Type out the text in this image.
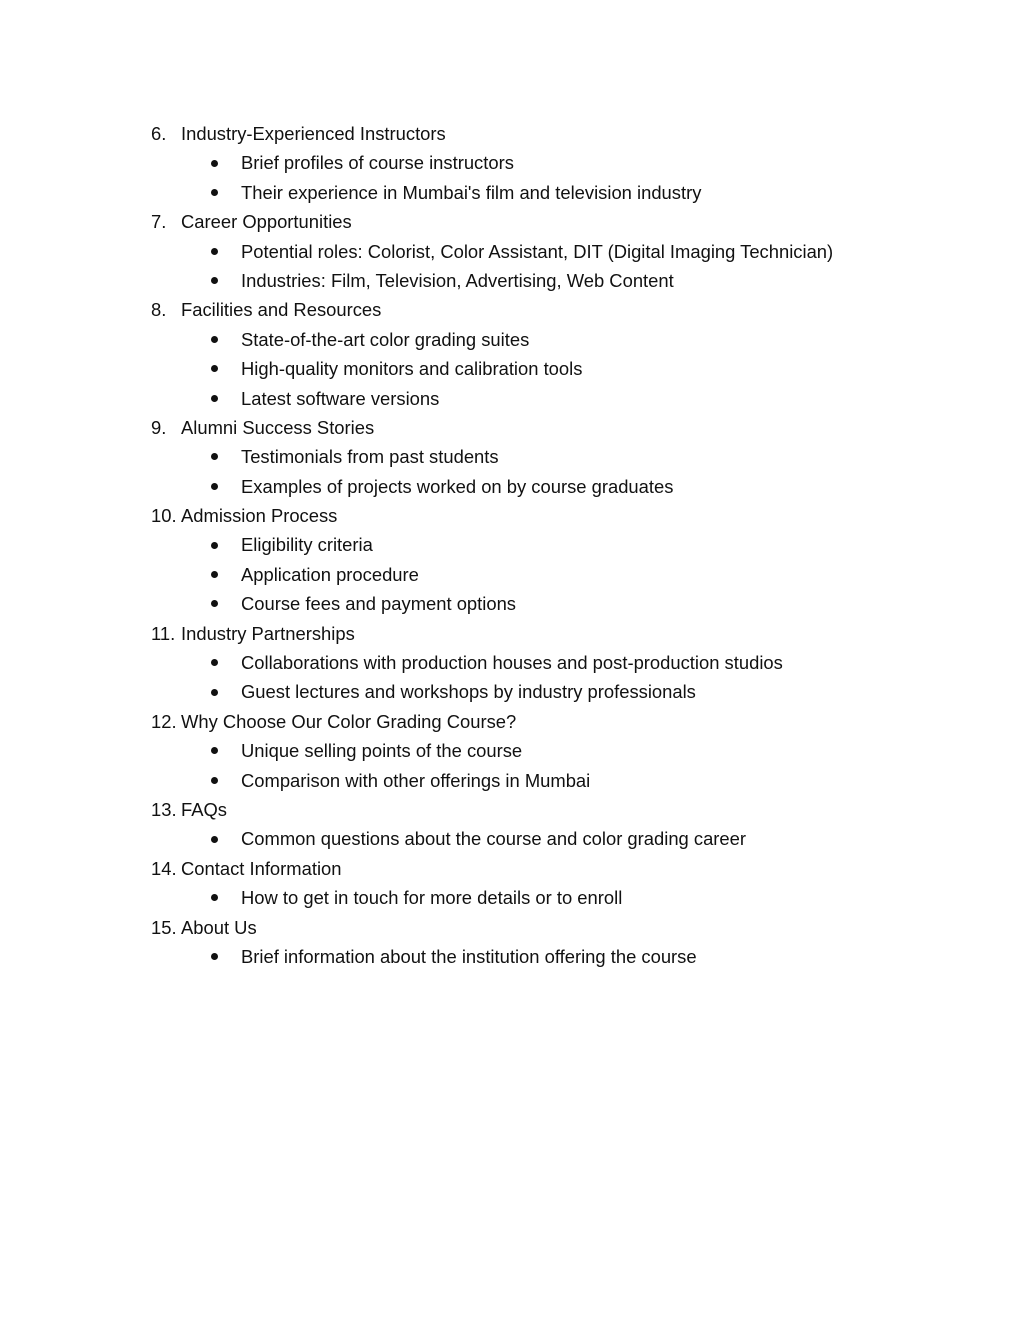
6. Industry-Experienced Instructors
Brief profiles of course instructors
Their experience in Mumbai's film and television industry
7. Career Opportunities
Potential roles: Colorist, Color Assistant, DIT (Digital Imaging Technician)
Industries: Film, Television, Advertising, Web Content
8. Facilities and Resources
State-of-the-art color grading suites
High-quality monitors and calibration tools
Latest software versions
9. Alumni Success Stories
Testimonials from past students
Examples of projects worked on by course graduates
10. Admission Process
Eligibility criteria
Application procedure
Course fees and payment options
11. Industry Partnerships
Collaborations with production houses and post-production studios
Guest lectures and workshops by industry professionals
12. Why Choose Our Color Grading Course?
Unique selling points of the course
Comparison with other offerings in Mumbai
13. FAQs
Common questions about the course and color grading career
14. Contact Information
How to get in touch for more details or to enroll
15. About Us
Brief information about the institution offering the course
